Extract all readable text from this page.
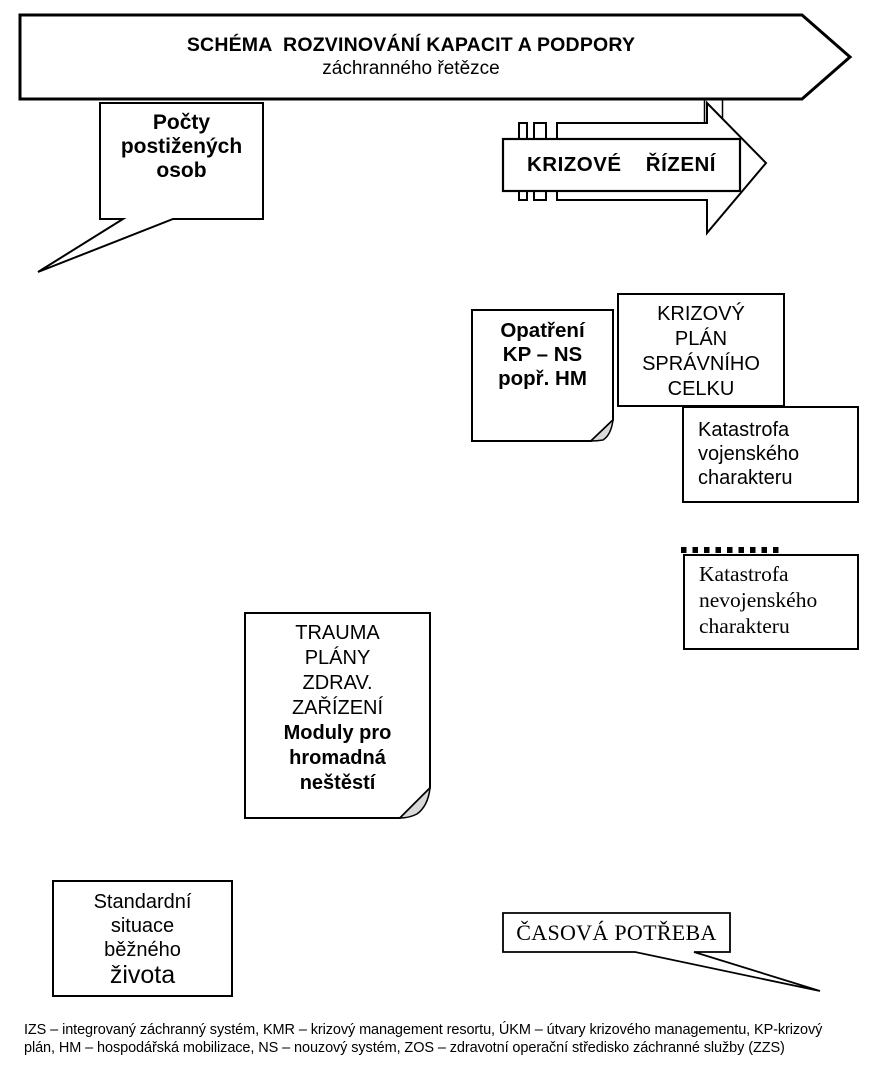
SCHÉMA  ROZVINOVÁNÍ KAPACIT A PODPORY
záchranného řetězce
Počty
postižených
osob	KRIZOVÉ ŘÍZENÍ
Opatření
KP – NS
popř. HM
Katastrofa
vojenského
charakteru
KRIZOVÝ
PLÁN
SPRÁVNÍHO
CELKU
Katastrofa
nevojenského
charakteru
TRAUMA
PLÁNY
ZDRAV.
ZAŘÍZENÍ
Moduly pro
hromadná
neštěstí
Standardní
situace
běžného
života
ČASOVÁ POTŘEBA
IZS – integrovaný záchranný systém, KMR – krizový management resortu, ÚKM – útvary krizového managementu, KP-krizový
plán, HM – hospodářská mobilizace, NS – nouzový systém, ZOS – zdravotní operační středisko záchranné služby (ZZS)
